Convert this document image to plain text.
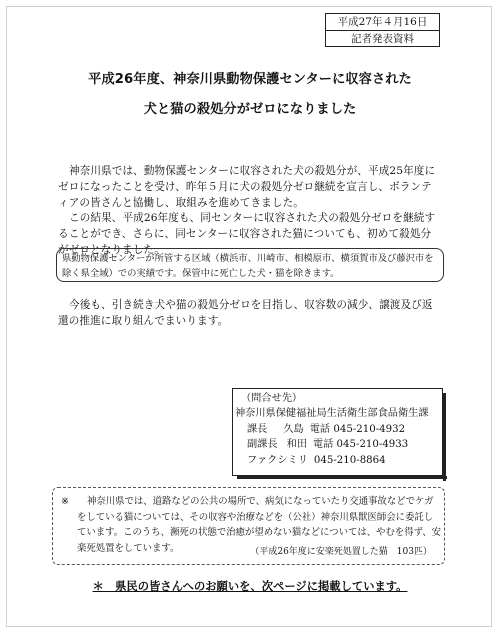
平成27年４月16日
記者発表資料
平成26年度、神奈川県動物保護センターに収容された
犬と猫の殺処分がゼロになりました
神奈川県では、動物保護センターに収容された犬の殺処分が、平成25年度にゼロになったことを受け、昨年５月に犬の殺処分ゼロ継続を宣言し、ボランティアの皆さんと協働し、取組みを進めてきました。
この結果、平成26年度も、同センターに収容された犬の殺処分ゼロを継続することができ、さらに、同センターに収容された猫についても、初めて殺処分がゼロとなりました。
県動物保護センターが所管する区域（横浜市、川崎市、相模原市、横須賀市及び藤沢市を除く県全域）での実績です。保管中に死亡した犬・猫を除きます。
今後も、引き続き犬や猫の殺処分ゼロを目指し、収容数の減少、譲渡及び返還の推進に取り組んでまいります。
（問合せ先）
神奈川県保健福祉局生活衛生部食品衛生課
課長 久島 電話 045-210-4932
副課長 和田 電話 045-210-4933
ファクシミリ 045-210-8864
※	神奈川県では、道路などの公共の場所で、病気になっていたり交通事故などでケガをしている猫については、その収容や治療などを（公社）神奈川県獣医師会に委託しています。このうち、瀕死の状態で治癒が望めない猫などについては、やむを得ず、安楽死処置をしています。	（平成26年度に安楽死処置した猫　103匹）
＊　県民の皆さんへのお願いを、次ページに掲載しています。
